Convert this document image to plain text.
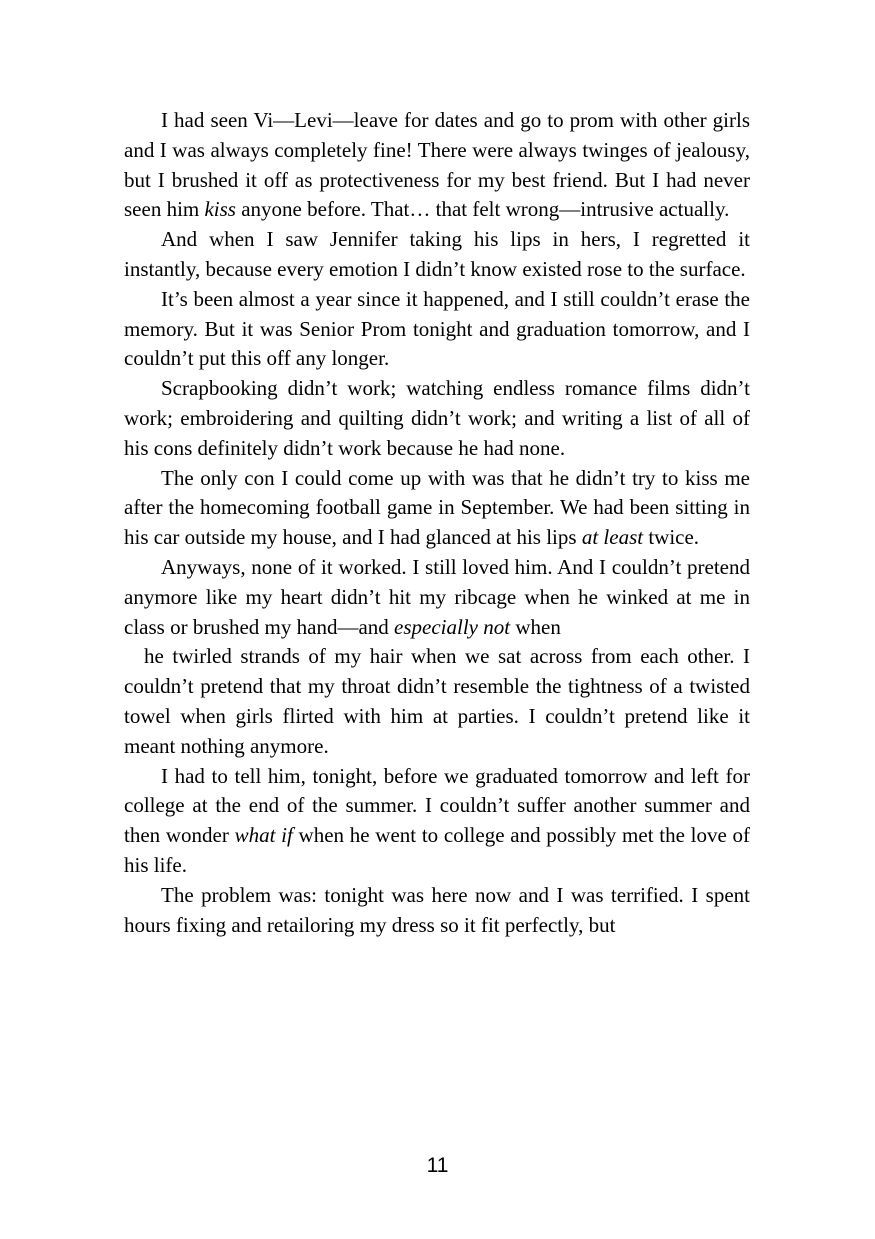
I had seen Vi—Levi—leave for dates and go to prom with other girls and I was always completely fine! There were always twinges of jealousy, but I brushed it off as protectiveness for my best friend. But I had never seen him kiss anyone before. That… that felt wrong—intrusive actually.

And when I saw Jennifer taking his lips in hers, I regretted it instantly, because every emotion I didn’t know existed rose to the surface.

It’s been almost a year since it happened, and I still couldn’t erase the memory. But it was Senior Prom tonight and graduation tomorrow, and I couldn’t put this off any longer.

Scrapbooking didn’t work; watching endless romance films didn’t work; embroidering and quilting didn’t work; and writing a list of all of his cons definitely didn’t work because he had none.

The only con I could come up with was that he didn’t try to kiss me after the homecoming football game in September. We had been sitting in his car outside my house, and I had glanced at his lips at least twice.

Anyways, none of it worked. I still loved him. And I couldn’t pretend anymore like my heart didn’t hit my ribcage when he winked at me in class or brushed my hand—and especially not when

he twirled strands of my hair when we sat across from each other. I couldn’t pretend that my throat didn’t resemble the tightness of a twisted towel when girls flirted with him at parties. I couldn’t pretend like it meant nothing anymore.

I had to tell him, tonight, before we graduated tomorrow and left for college at the end of the summer. I couldn’t suffer another summer and then wonder what if when he went to college and possibly met the love of his life.

The problem was: tonight was here now and I was terrified. I spent hours fixing and retailoring my dress so it fit perfectly, but

11
